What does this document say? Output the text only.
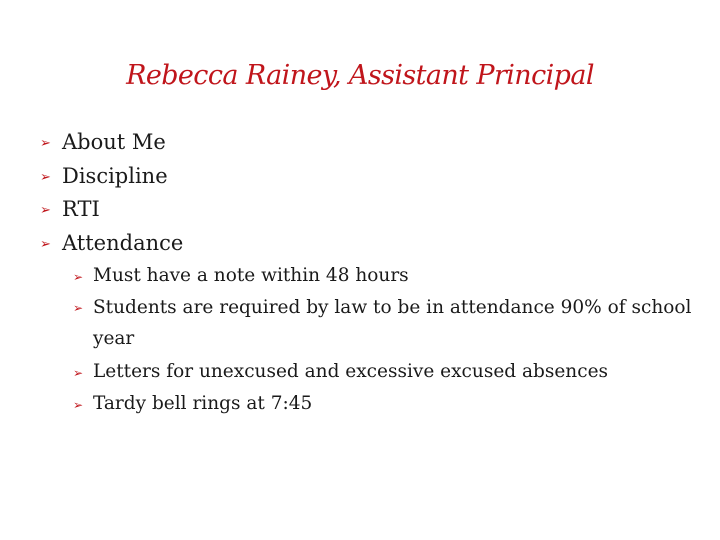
Rebecca Rainey, Assistant Principal
➢ About Me
➢ Discipline
➢ RTI
➢ Attendance
➢ Must have a note within 48 hours
➢ Students are required by law to be in attendance 90% of school year
➢ Letters for unexcused and excessive excused absences
➢ Tardy bell rings at 7:45
